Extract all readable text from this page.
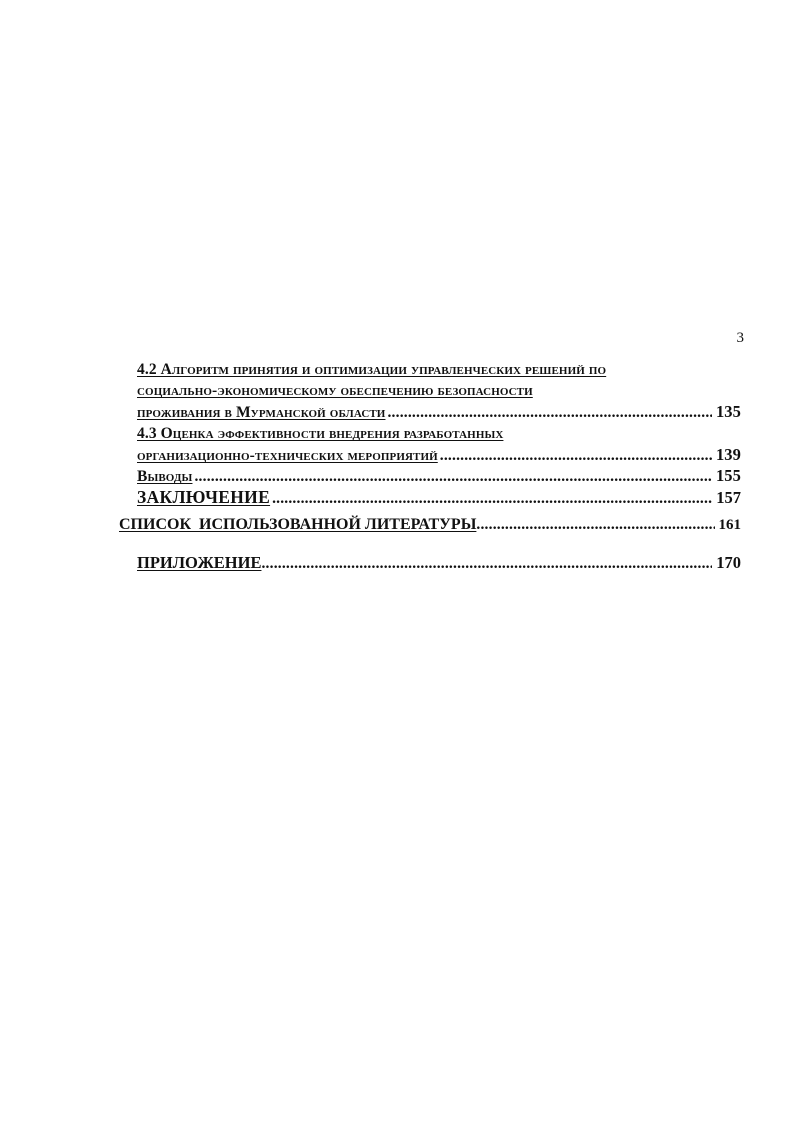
3
4.2 Алгоритм принятия и оптимизации управленческих решений по
социально-экономическому обеспечению безопасности
проживания в Мурманской области .....	135
4.3 Оценка эффективности внедрения разработанных
организационно-технических мероприятий .....	139
Выводы .....	155
ЗАКЛЮЧЕНИЕ .....	157
СПИСОК  ИСПОЛЬЗОВАННОЙ ЛИТЕРАТУРЫ .....	161
ПРИЛОЖЕНИЕ .....	170
